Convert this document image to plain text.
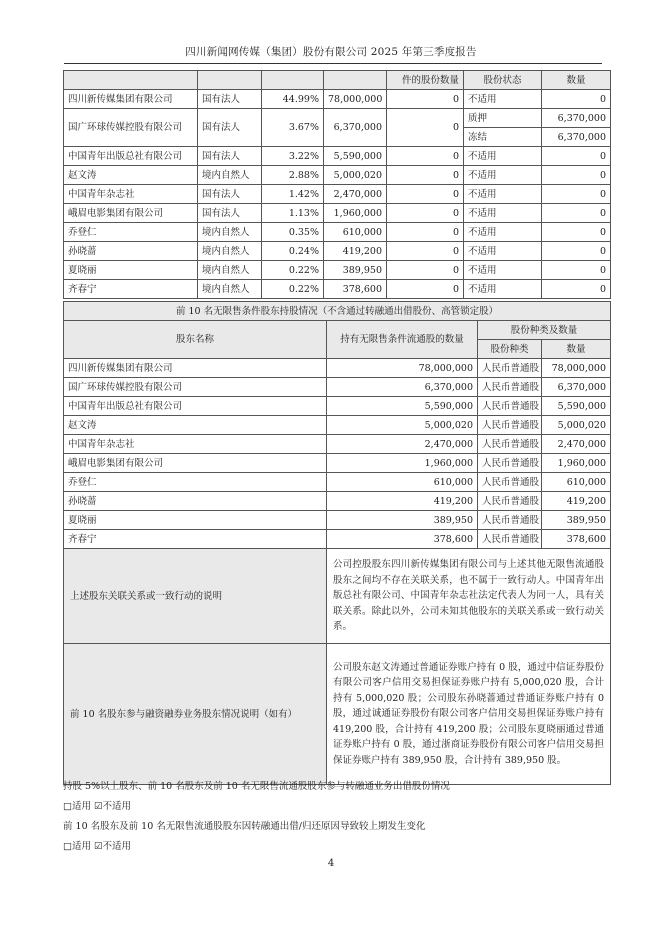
四川新闻网传媒（集团）股份有限公司 2025 年第三季度报告
				件的股份数量	股份状态	数量
四川新传媒集团有限公司	国有法人	44.99%	78,000,000	0	不适用	0
国广环球传媒控股有限公司	国有法人	3.67%	6,370,000	0	质押	6,370,000
					冻结	6,370,000
中国青年出版总社有限公司	国有法人	3.22%	5,590,000	0	不适用	0
赵文涛	境内自然人	2.88%	5,000,020	0	不适用	0
中国青年杂志社	国有法人	1.42%	2,470,000	0	不适用	0
峨眉电影集团有限公司	国有法人	1.13%	1,960,000	0	不适用	0
乔登仁	境内自然人	0.35%	610,000	0	不适用	0
孙晓蔷	境内自然人	0.24%	419,200	0	不适用	0
夏晓丽	境内自然人	0.22%	389,950	0	不适用	0
齐春宁	境内自然人	0.22%	378,600	0	不适用	0
前 10 名无限售条件股东持股情况（不含通过转融通出借股份、高管锁定股）			
股东名称	持有无限售条件流通股的数量	股份种类及数量	
		股份种类	数量
四川新传媒集团有限公司	78,000,000	人民币普通股	78,000,000
国广环球传媒控股有限公司	6,370,000	人民币普通股	6,370,000
中国青年出版总社有限公司	5,590,000	人民币普通股	5,590,000
赵文涛	5,000,020	人民币普通股	5,000,020
中国青年杂志社	2,470,000	人民币普通股	2,470,000
峨眉电影集团有限公司	1,960,000	人民币普通股	1,960,000
乔登仁	610,000	人民币普通股	610,000
孙晓蔷	419,200	人民币普通股	419,200
夏晓丽	389,950	人民币普通股	389,950
齐春宁	378,600	人民币普通股	378,600
上述股东关联关系或一致行动的说明	公司控股股东四川新传媒集团有限公司与上述其他无限售流通股股东之间均不存在关联关系，也不属于一致行动人。中国青年出版总社有限公司、中国青年杂志社法定代表人为同一人，具有关联关系。除此以外，公司未知其他股东的关联关系或一致行动关系。		
前 10 名股东参与融资融券业务股东情况说明（如有）	公司股东赵文涛通过普通证券账户持有 0 股，通过中信证券股份有限公司客户信用交易担保证券账户持有 5,000,020 股，合计持有 5,000,020 股；公司股东孙晓蔷通过普通证券账户持有 0 股，通过诚通证券股份有限公司客户信用交易担保证券账户持有 419,200 股，合计持有 419,200 股；公司股东夏晓丽通过普通证券账户持有 0 股，通过浙商证券股份有限公司客户信用交易担保证券账户持有 389,950 股，合计持有 389,950 股。		
持股 5%以上股东、前 10 名股东及前 10 名无限售流通股股东参与转融通业务出借股份情况
□适用 ☑不适用
前 10 名股东及前 10 名无限售流通股股东因转融通出借/归还原因导致较上期发生变化
□适用 ☑不适用
4
